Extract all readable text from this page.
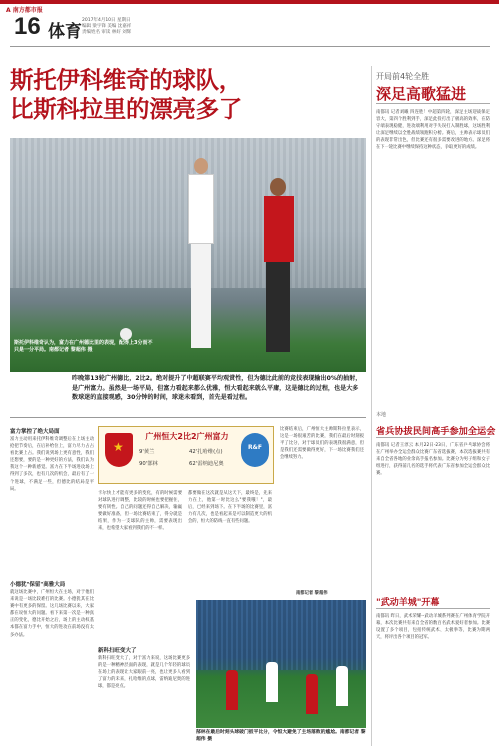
A 南方都市报
16 体育
2017年4月10日 星期日
编辑 梁宇锋 美编 沈嘉祥
责编姓名 审读 林好 刘辉
斯托伊科维奇的球队，
比斯科拉里的漂亮多了
斯托伊科维奇认为，富力在广州德比里的表现，配得上3分而不只是一分平局。南都记者 黎超伟 摄
昨晚第13轮广州德比，2比2。绝对提升了中超联赛平均观赏性，但为德比此前的竞技表现输出0%的抽射，是广州富力。虽然是一场平局，但富力看起来都么优雅，恒大看起来就么平庸，这是德比的过程，也是大多数球迷的直接观感，30分钟的时间，球迷未看到，首先是看过程。
富力掌控了绝大局面
富力主动用来托伊科维奇调整后在上场主动抢把节奏后，在后补给位上，富力尽力占占看比赛上占。我们说到场上更有意性，我们还想要，要的是一种更好的方法，我们认为我这个一种新感觉。富力在下半场进攻场上得到了多次，也有几次的机会，最后有了一个进球，不满足一些，但德比的结局是平局。
小德犹"保留"高雅大局
就这场比赛中，广州恒大在主场，对于他们来说是一场比较难打的比赛。小德犹其在比赛中有更多的保留。这几场比赛以来，大家都在说恒大的问题。看下来第一次是一种真正的变化，德比开始之后，场上的主动权基本都在富力手中，恒大的进攻在前场没有太多办法。
★
广州恒大2比2广州富力
9'黄兰
90'郜林
42'扎哈维(点)
62'雷纳迪尼奥
R&F
卡尔快上才能有更多的变化，有的时候需要对球队进行调整，比较的时候也要把握住，要有韧性。自己的问题还得自己解决，输赢要做好准备，但一场比赛结束了，得分就是结果，作为一支球队的主帅，需要表现出来，也希望大家看到我们的不一样。
新科扫旺变大了
新科扫旺变大了，对于富力来说，这场比赛更多的是一种精神层面的表现，就是几个年轻的球员在场上的表现让大家眼前一亮，也让更多人看到了富力的未来，扎哈维的点球，雷纳迪尼奥的进球，都是亮点。
都要做在这次就是从这天下，最终是，先来力在上，他第一时比这么"要我哦！"，最后，已经来到场下。在下半场的比赛里，富力有几次，也是看起来是可以制造更大的机会的，恒大的防线一直有些问题。
比赛结束后，广州恒大主帅斯科拉里表示，这是一场很艰苦的比赛，我们在最后时刻扳平了比分，对于球员们的表现我很满意，但是我们还需要做得更好，下一场比赛我们还会继续努力。
南都记者 黎超伟
郜林在最后时刻头球破门扳平比分，令恒大避免了主场落败的尴尬。南都记者 黎超伟 摄
开局前4轮全胜
深足高歌猛进
南都讯 记者刘曦 四连胜！中超第四轮，深足主场迎战保定容大，第四个胜利到手，深足此役打出了极高的效率，在防守端表现稳健，进攻端利用对手失误打入制胜球，这场胜利让深足继续以全胜战绩领跑积分榜。赛后，主帅表示球员们的表现非常出色，但比赛还有很多需要改进的地方。深足将在下一轮比赛中继续保持这种状态，争取更好的成绩。
本地
省兵协拔民间高手参加全运会
南都讯 记者王淳云 本月22日-23日，广东省乒乓球协会将在广州举办全运会群众比赛广东省选拔赛，本次选拔赛共有来自全省各地的业余高手报名参加。比赛分为男子组和女子组进行，获得前几名的选手将代表广东省参加全运会群众比赛。
"武动羊城"开幕
南都讯 昨日，武术荣耀--武动羊城系列赛在广州体育学院开幕，本次比赛共有来自全省的数百名武术爱好者参加。比赛设置了多个项目，包括传统武术、太极拳等，比赛为期两天，将评出各个项目的冠军。
